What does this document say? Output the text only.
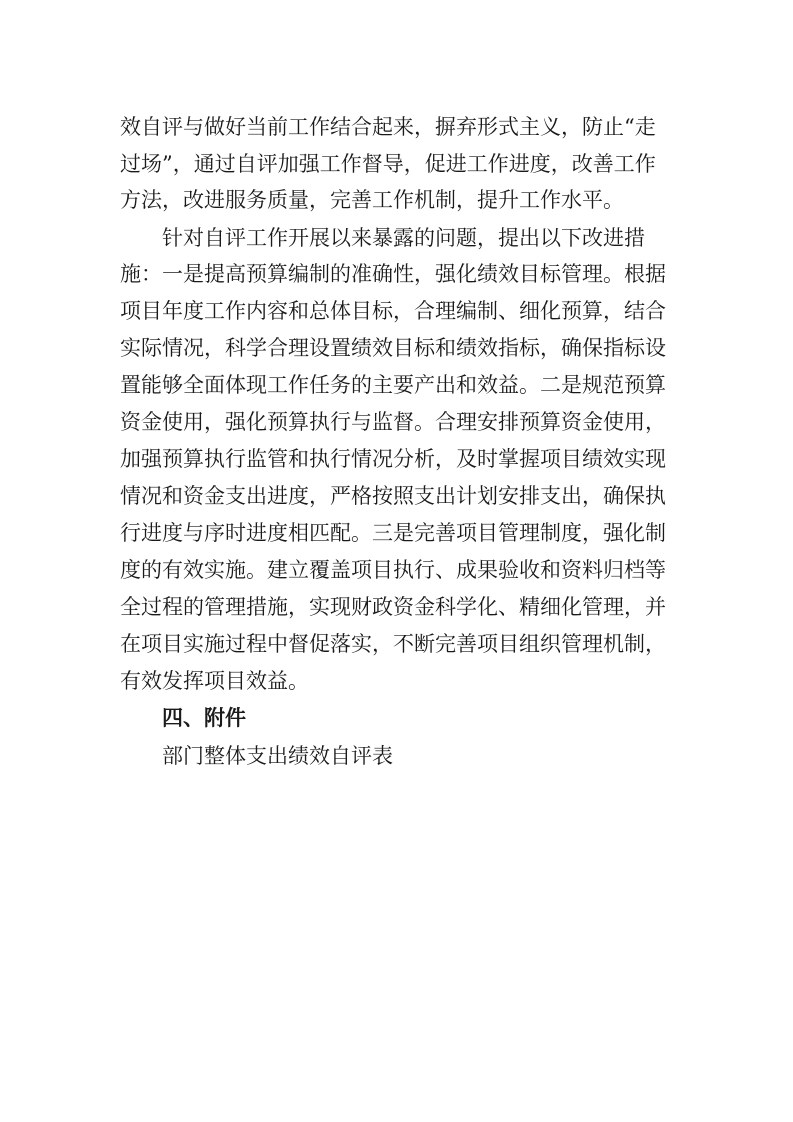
效自评与做好当前工作结合起来，摒弃形式主义，防止“走

过场”，通过自评加强工作督导，促进工作进度，改善工作

方法，改进服务质量，完善工作机制，提升工作水平。

针对自评工作开展以来暴露的问题，提出以下改进措

施：一是提高预算编制的准确性，强化绩效目标管理。根据

项目年度工作内容和总体目标，合理编制、细化预算，结合

实际情况，科学合理设置绩效目标和绩效指标，确保指标设

置能够全面体现工作任务的主要产出和效益。二是规范预算

资金使用，强化预算执行与监督。合理安排预算资金使用，

加强预算执行监管和执行情况分析，及时掌握项目绩效实现

情况和资金支出进度，严格按照支出计划安排支出，确保执

行进度与序时进度相匹配。三是完善项目管理制度，强化制

度的有效实施。建立覆盖项目执行、成果验收和资料归档等

全过程的管理措施，实现财政资金科学化、精细化管理，并

在项目实施过程中督促落实，不断完善项目组织管理机制，

有效发挥项目效益。

四、附件

部门整体支出绩效自评表
